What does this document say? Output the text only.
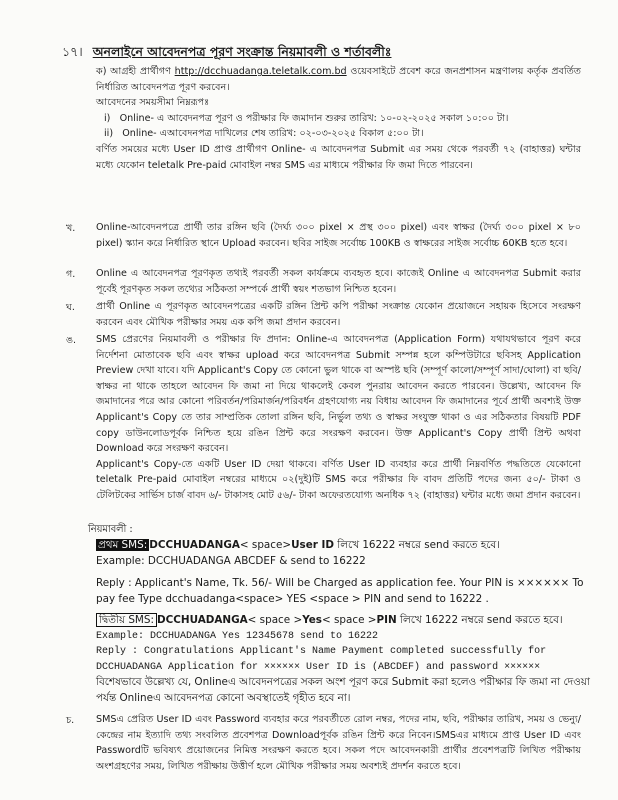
১৭। অনলাইনে আবেদনপত্র পূরণ সংক্রান্ত নিয়মাবলী ও শর্তাবলীঃ

ক) আগ্রহী প্রার্থীগণ http://dcchuadanga.teletalk.com.bd ওয়েবসাইটে প্রবেশ করে জনপ্রশাসন মন্ত্রণালয় কর্তৃক প্রবর্তিত নির্ধারিত আবেদনপত্র পূরণ করবেন।

আবেদনের সময়সীমা নিম্নরূপঃ

i) Online- এ আবেদনপত্র পূরণ ও পরীক্ষার ফি জমাদান শুরুর তারিখ: ১০-০২-২০২৫ সকাল ১০:০০ টা।

ii) Online- এআবেদনপত্র দাখিলের শেষ তারিখ: ০২-০৩-২০২৫ বিকাল ৫:০০ টা।

বর্ণিত সময়ের মধ্যে User ID প্রাপ্ত প্রার্থীগণ Online- এ আবেদনপত্র Submit এর সময় থেকে পরবর্তী ৭২ (বাহাত্তর) ঘন্টার মধ্যে যেকোন teletalk Pre-paid মোবাইল নম্বর SMS এর মাধ্যমে পরীক্ষার ফি জমা দিতে পারবেন।

খ. Online-আবেদনপত্রে প্রার্থী তার রঙ্গিন ছবি (দৈর্ঘ্য ৩০০ pixel × প্রস্থ ৩০০ pixel) এবং স্বাক্ষর (দৈর্ঘ্য ৩০০ pixel × ৮০ pixel) স্ক্যান করে নির্ধারিত স্থানে Upload করবেন। ছবির সাইজ সর্বোচ্চ 100KB ও স্বাক্ষরের সাইজ সর্বোচ্চ 60KB হতে হবে।
গ. Online এ আবেদনপত্র পূরণকৃত তথ্যই পরবর্তী সকল কার্যক্রমে ব্যবহৃত হবে। কাজেই Online এ আবেদনপত্র Submit করার পূর্বেই পূরণকৃত সকল তথ্যের সঠিকতা সম্পর্কে প্রার্থী স্বয়ং শতভাগ নিশ্চিত হবেন।
ঘ. প্রার্থী Online এ পূরণকৃত আবেদনপত্রের একটি রঙ্গিন প্রিন্ট কপি পরীক্ষা সংক্রান্ত যেকোন প্রয়োজনে সহায়ক হিসেবে সংরক্ষণ করবেন এবং মৌখিক পরীক্ষার সময় এক কপি জমা প্রদান করবেন।
ঙ. SMS প্রেরণের নিয়মাবলী ও পরীক্ষার ফি প্রদান: Online-এ আবেদনপত্র (Application Form) যথাযথভাবে পূরণ করে নির্দেশনা মোতাবেক ছবি এবং স্বাক্ষর upload করে আবেদনপত্র Submit সম্পন্ন হলে কম্পিউটারে ছবিসহ Application Preview দেখা যাবে। যদি Applicant's Copy তে কোনো ভুল থাকে বা অস্পষ্ট ছবি (সম্পূর্ণ কালো/সম্পূর্ণ সাদা/ঘোলা) বা ছবি/স্বাক্ষর না থাকে তাহলে আবেদন ফি জমা না দিয়ে থাকলেই কেবল পুনরায় আবেদন করতে পারবেন। উল্লেখ্য, আবেদন ফি জমাদানের পরে আর কোনো পরিবর্তন/পরিমার্জন/পরিবর্ধন গ্রহণযোগ্য নয় বিধায় আবেদন ফি জমাদানের পূর্বে প্রার্থী অবশ্যই উক্ত Applicant's Copy তে তার সাম্প্রতিক তোলা রঙ্গিন ছবি, নির্ভুল তথ্য ও স্বাক্ষর সংযুক্ত থাকা ও এর সঠিকতার বিষয়টি PDF copy ডাউনলোডপূর্বক নিশ্চিত হয়ে রঙিন প্রিন্ট করে সংরক্ষণ করবেন। উক্ত Applicant's Copy প্রার্থী প্রিন্ট অথবা Download করে সংরক্ষণ করবেন।

Applicant's Copy-তে একটি User ID দেয়া থাকবে। বর্ণিত User ID ব্যবহার করে প্রার্থী নিম্নবর্ণিত পদ্ধতিতে যেকোনো teletalk Pre-paid মোবাইল নম্বরের মাধ্যমে ০২(দুই)টি SMS করে পরীক্ষার ফি বাবদ প্রতিটি পদের জন্য ৫০/- টাকা ও টেলিটকের সার্ভিস চার্জ বাবদ ৬/- টাকাসহ মোট ৫৬/- টাকা অফেরতযোগ্য অনধিক ৭২ (বাহাত্তর) ঘন্টার মধ্যে জমা প্রদান করবেন।

নিয়মাবলী :

প্রথম SMS: DCCHUADANGA< space>User ID লিখে 16222 নম্বরে send করতে হবে।

Example: DCCHUADANGA ABCDEF & send to 16222

Reply : Applicant's Name, Tk. 56/- Will be Charged as application fee. Your PIN is ×××××× To pay fee Type dcchuadanga<space> YES <space > PIN and send to 16222 .

দ্বিতীয় SMS: DCCHUADANGA< space >Yes< space >PIN লিখে 16222 নম্বরে send করতে হবে।

Example: DCCHUADANGA Yes 12345678 send to 16222

Reply : Congratulations Applicant's Name Payment completed successfully for DCCHUADANGA Application for ×××××× User ID is (ABCDEF) and password ××××××

বিশেষভাবে উল্লেখ্য যে, Onlineএ আবেদনপত্রের সকল অংশ পূরণ করে Submit করা হলেও পরীক্ষার ফি জমা না দেওয়া পর্যন্ত Onlineএ আবেদনপত্র কোনো অবস্থাতেই গৃহীত হবে না।

চ. SMSএ প্রেরিত User ID এবং Password ব্যবহার করে পরবর্তীতে রোল নম্বর, পদের নাম, ছবি, পরীক্ষার তারিখ, সময় ও ভেন্যু/কেন্দ্রের নাম ইত্যাদি তথ্য সংবলিত প্রবেশপত্র Downloadপূর্বক রঙিন প্রিন্ট করে নিবেন।SMSএর মাধ্যমে প্রাপ্ত User ID এবং Passwordটি ভবিষ্যৎ প্রয়োজনের নিমিত্ত সংরক্ষণ করতে হবে। সকল পদে আবেদনকারী প্রার্থীর প্রবেশপত্রটি লিখিত পরীক্ষায় অংশগ্রহণের সময়, লিখিত পরীক্ষায় উত্তীর্ণ হলে মৌখিক পরীক্ষার সময় অবশ্যই প্রদর্শন করতে হবে।
